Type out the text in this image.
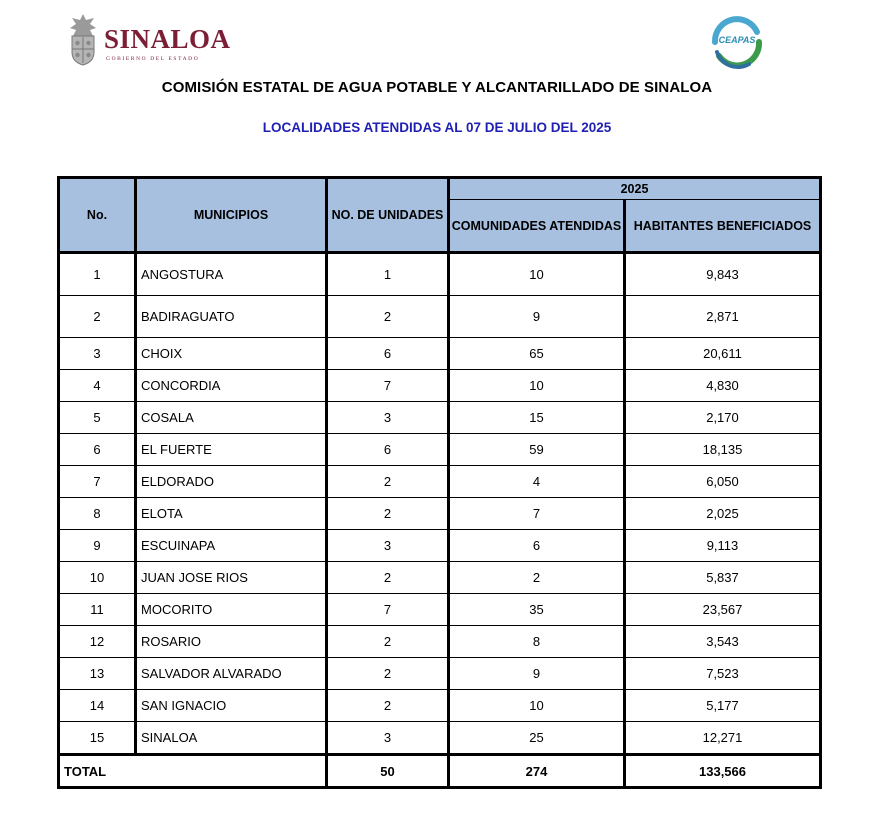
SINALOA
GOBIERNO DEL ESTADO
CEAPAS
COMISIÓN ESTATAL DE AGUA POTABLE Y ALCANTARILLADO DE SINALOA
LOCALIDADES ATENDIDAS AL 07 DE JULIO DEL 2025
No.	MUNICIPIOS	NO. DE UNIDADES	2025	
			COMUNIDADES ATENDIDAS	HABITANTES BENEFICIADOS
1	ANGOSTURA	1	10	9,843
2	BADIRAGUATO	2	9	2,871
3	CHOIX	6	65	20,611
4	CONCORDIA	7	10	4,830
5	COSALA	3	15	2,170
6	EL FUERTE	6	59	18,135
7	ELDORADO	2	4	6,050
8	ELOTA	2	7	2,025
9	ESCUINAPA	3	6	9,113
10	JUAN JOSE RIOS	2	2	5,837
11	MOCORITO	7	35	23,567
12	ROSARIO	2	8	3,543
13	SALVADOR ALVARADO	2	9	7,523
14	SAN IGNACIO	2	10	5,177
15	SINALOA	3	25	12,271
TOTAL		50	274	133,566
